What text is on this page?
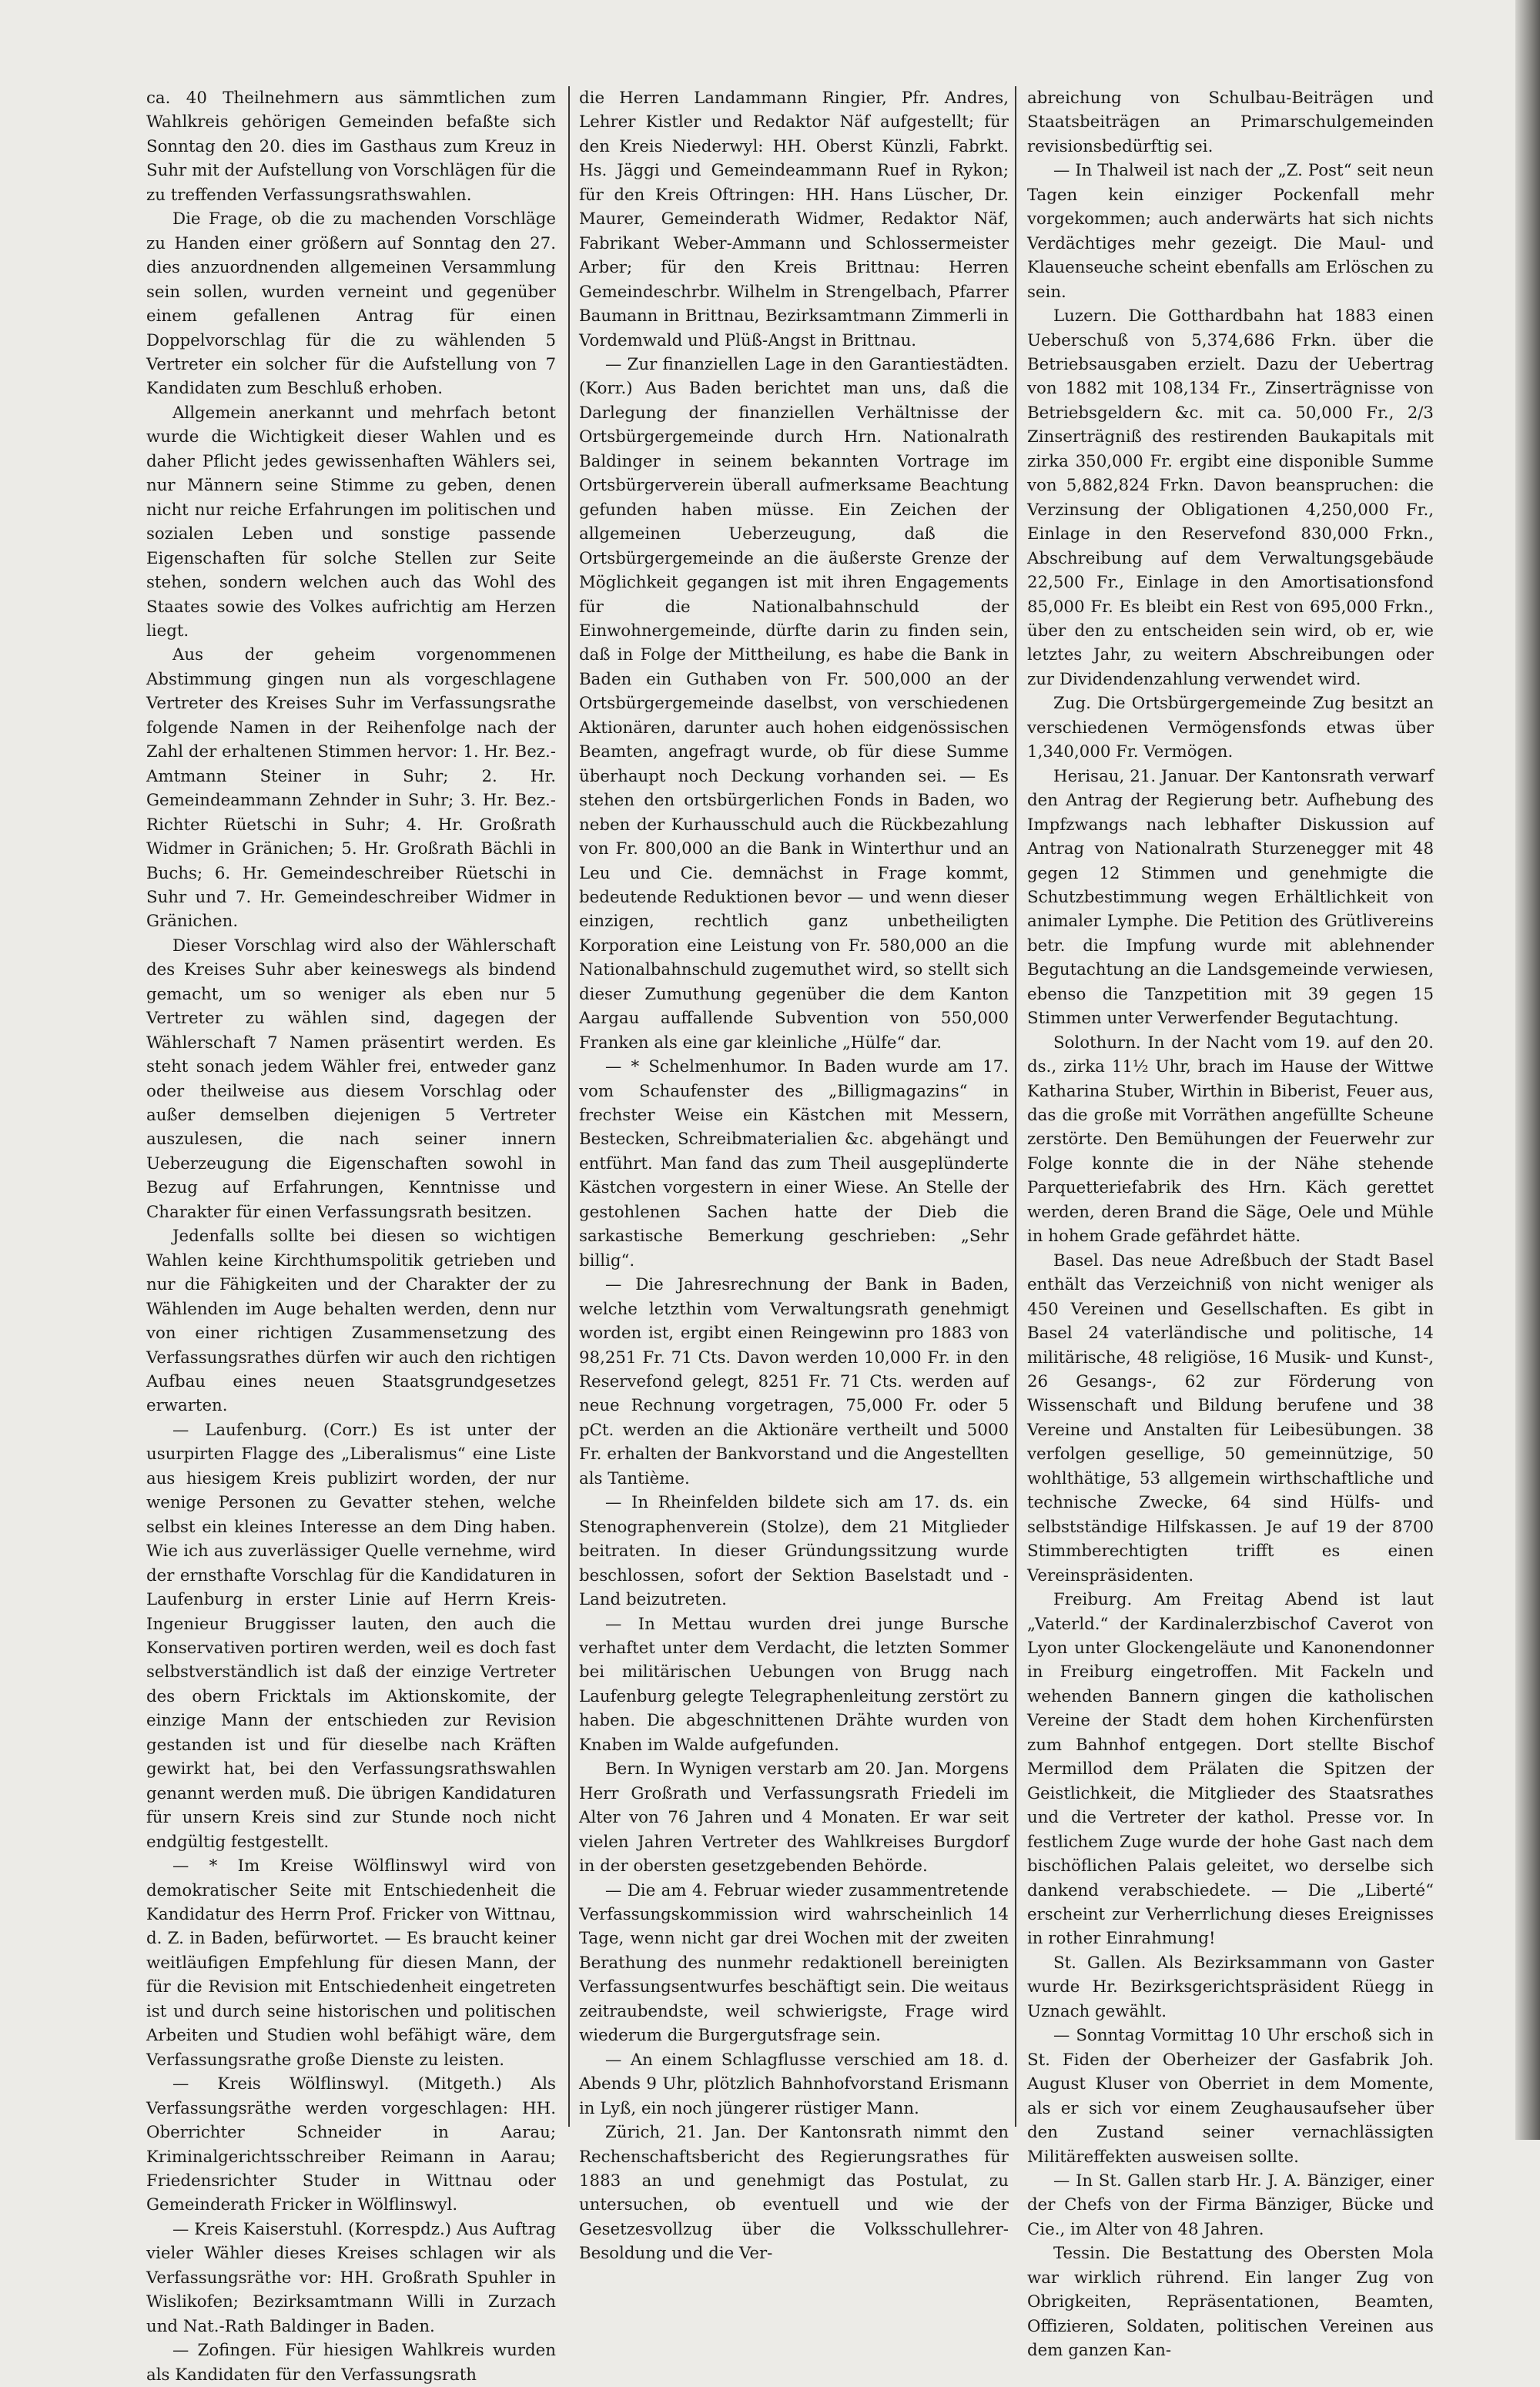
ca. 40 Theilnehmern aus sämmtlichen zum Wahlkreis gehörigen Gemeinden befaßte sich Sonntag den 20. dies im Gasthaus zum Kreuz in Suhr mit der Aufstellung von Vorschlägen für die zu treffenden Verfassungsrathswahlen.

Die Frage, ob die zu machenden Vorschläge zu Handen einer größern auf Sonntag den 27. dies anzuordnenden allgemeinen Versammlung sein sollen, wurden verneint und gegenüber einem gefallenen Antrag für einen Doppelvorschlag für die zu wählenden 5 Vertreter ein solcher für die Aufstellung von 7 Kandidaten zum Beschluß erhoben.

Allgemein anerkannt und mehrfach betont wurde die Wichtigkeit dieser Wahlen und es daher Pflicht jedes gewissenhaften Wählers sei, nur Männern seine Stimme zu geben, denen nicht nur reiche Erfahrungen im politischen und sozialen Leben und sonstige passende Eigenschaften für solche Stellen zur Seite stehen, sondern welchen auch das Wohl des Staates sowie des Volkes aufrichtig am Herzen liegt.

Aus der geheim vorgenommenen Abstimmung gingen nun als vorgeschlagene Vertreter des Kreises Suhr im Verfassungsrathe folgende Namen in der Reihenfolge nach der Zahl der erhaltenen Stimmen hervor: 1. Hr. Bez.-Amtmann Steiner in Suhr; 2. Hr. Gemeindeammann Zehnder in Suhr; 3. Hr. Bez.-Richter Rüetschi in Suhr; 4. Hr. Großrath Widmer in Gränichen; 5. Hr. Großrath Bächli in Buchs; 6. Hr. Gemeindeschreiber Rüetschi in Suhr und 7. Hr. Gemeindeschreiber Widmer in Gränichen.

Dieser Vorschlag wird also der Wählerschaft des Kreises Suhr aber keineswegs als bindend gemacht, um so weniger als eben nur 5 Vertreter zu wählen sind, dagegen der Wählerschaft 7 Namen präsentirt werden. Es steht sonach jedem Wähler frei, entweder ganz oder theilweise aus diesem Vorschlag oder außer demselben diejenigen 5 Vertreter auszulesen, die nach seiner innern Ueberzeugung die Eigenschaften sowohl in Bezug auf Erfahrungen, Kenntnisse und Charakter für einen Verfassungsrath besitzen.

Jedenfalls sollte bei diesen so wichtigen Wahlen keine Kirchthumspolitik getrieben und nur die Fähigkeiten und der Charakter der zu Wählenden im Auge behalten werden, denn nur von einer richtigen Zusammensetzung des Verfassungsrathes dürfen wir auch den richtigen Aufbau eines neuen Staatsgrundgesetzes erwarten.

— Laufenburg. (Corr.) Es ist unter der usurpirten Flagge des „Liberalismus“ eine Liste aus hiesigem Kreis publizirt worden, der nur wenige Personen zu Gevatter stehen, welche selbst ein kleines Interesse an dem Ding haben. Wie ich aus zuverlässiger Quelle vernehme, wird der ernsthafte Vorschlag für die Kandidaturen in Laufenburg in erster Linie auf Herrn Kreis-Ingenieur Bruggisser lauten, den auch die Konservativen portiren werden, weil es doch fast selbstverständlich ist daß der einzige Vertreter des obern Fricktals im Aktionskomite, der einzige Mann der entschieden zur Revision gestanden ist und für dieselbe nach Kräften gewirkt hat, bei den Verfassungsrathswahlen genannt werden muß. Die übrigen Kandidaturen für unsern Kreis sind zur Stunde noch nicht endgültig festgestellt.

— * Im Kreise Wölflinswyl wird von demokratischer Seite mit Entschiedenheit die Kandidatur des Herrn Prof. Fricker von Wittnau, d. Z. in Baden, befürwortet. — Es braucht keiner weitläufigen Empfehlung für diesen Mann, der für die Revision mit Entschiedenheit eingetreten ist und durch seine historischen und politischen Arbeiten und Studien wohl befähigt wäre, dem Verfassungsrathe große Dienste zu leisten.

— Kreis Wölflinswyl. (Mitgeth.) Als Verfassungsräthe werden vorgeschlagen: HH. Oberrichter Schneider in Aarau; Kriminalgerichtsschreiber Reimann in Aarau; Friedensrichter Studer in Wittnau oder Gemeinderath Fricker in Wölflinswyl.

— Kreis Kaiserstuhl. (Korrespdz.) Aus Auftrag vieler Wähler dieses Kreises schlagen wir als Verfassungsräthe vor: HH. Großrath Spuhler in Wislikofen; Bezirksamtmann Willi in Zurzach und Nat.-Rath Baldinger in Baden.

— Zofingen. Für hiesigen Wahlkreis wurden als Kandidaten für den Verfassungsrath

die Herren Landammann Ringier, Pfr. Andres, Lehrer Kistler und Redaktor Näf aufgestellt; für den Kreis Niederwyl: HH. Oberst Künzli, Fabrkt. Hs. Jäggi und Gemeindeammann Ruef in Rykon; für den Kreis Oftringen: HH. Hans Lüscher, Dr. Maurer, Gemeinderath Widmer, Redaktor Näf, Fabrikant Weber-Ammann und Schlossermeister Arber; für den Kreis Brittnau: Herren Gemeindeschrbr. Wilhelm in Strengelbach, Pfarrer Baumann in Brittnau, Bezirksamtmann Zimmerli in Vordemwald und Plüß-Angst in Brittnau.

— Zur finanziellen Lage in den Garantiestädten. (Korr.) Aus Baden berichtet man uns, daß die Darlegung der finanziellen Verhältnisse der Ortsbürgergemeinde durch Hrn. Nationalrath Baldinger in seinem bekannten Vortrage im Ortsbürgerverein überall aufmerksame Beachtung gefunden haben müsse. Ein Zeichen der allgemeinen Ueberzeugung, daß die Ortsbürgergemeinde an die äußerste Grenze der Möglichkeit gegangen ist mit ihren Engagements für die Nationalbahnschuld der Einwohnergemeinde, dürfte darin zu finden sein, daß in Folge der Mittheilung, es habe die Bank in Baden ein Guthaben von Fr. 500,000 an der Ortsbürgergemeinde daselbst, von verschiedenen Aktionären, darunter auch hohen eidgenössischen Beamten, angefragt wurde, ob für diese Summe überhaupt noch Deckung vorhanden sei. — Es stehen den ortsbürgerlichen Fonds in Baden, wo neben der Kurhausschuld auch die Rückbezahlung von Fr. 800,000 an die Bank in Winterthur und an Leu und Cie. demnächst in Frage kommt, bedeutende Reduktionen bevor — und wenn dieser einzigen, rechtlich ganz unbetheiligten Korporation eine Leistung von Fr. 580,000 an die Nationalbahnschuld zugemuthet wird, so stellt sich dieser Zumuthung gegenüber die dem Kanton Aargau auffallende Subvention von 550,000 Franken als eine gar kleinliche „Hülfe“ dar.

— * Schelmenhumor. In Baden wurde am 17. vom Schaufenster des „Billigmagazins“ in frechster Weise ein Kästchen mit Messern, Bestecken, Schreibmaterialien &c. abgehängt und entführt. Man fand das zum Theil ausgeplünderte Kästchen vorgestern in einer Wiese. An Stelle der gestohlenen Sachen hatte der Dieb die sarkastische Bemerkung geschrieben: „Sehr billig“.

— Die Jahresrechnung der Bank in Baden, welche letzthin vom Verwaltungsrath genehmigt worden ist, ergibt einen Reingewinn pro 1883 von 98,251 Fr. 71 Cts. Davon werden 10,000 Fr. in den Reservefond gelegt, 8251 Fr. 71 Cts. werden auf neue Rechnung vorgetragen, 75,000 Fr. oder 5 pCt. werden an die Aktionäre vertheilt und 5000 Fr. erhalten der Bankvorstand und die Angestellten als Tantième.

— In Rheinfelden bildete sich am 17. ds. ein Stenographenverein (Stolze), dem 21 Mitglieder beitraten. In dieser Gründungssitzung wurde beschlossen, sofort der Sektion Baselstadt und -Land beizutreten.

— In Mettau wurden drei junge Bursche verhaftet unter dem Verdacht, die letzten Sommer bei militärischen Uebungen von Brugg nach Laufenburg gelegte Telegraphenleitung zerstört zu haben. Die abgeschnittenen Drähte wurden von Knaben im Walde aufgefunden.

Bern. In Wynigen verstarb am 20. Jan. Morgens Herr Großrath und Verfassungsrath Friedeli im Alter von 76 Jahren und 4 Monaten. Er war seit vielen Jahren Vertreter des Wahlkreises Burgdorf in der obersten gesetzgebenden Behörde.

— Die am 4. Februar wieder zusammentretende Verfassungskommission wird wahrscheinlich 14 Tage, wenn nicht gar drei Wochen mit der zweiten Berathung des nunmehr redaktionell bereinigten Verfassungsentwurfes beschäftigt sein. Die weitaus zeitraubendste, weil schwierigste, Frage wird wiederum die Burgergutsfrage sein.

— An einem Schlagflusse verschied am 18. d. Abends 9 Uhr, plötzlich Bahnhofvorstand Erismann in Lyß, ein noch jüngerer rüstiger Mann.

Zürich, 21. Jan. Der Kantonsrath nimmt den Rechenschaftsbericht des Regierungsrathes für 1883 an und genehmigt das Postulat, zu untersuchen, ob eventuell und wie der Gesetzesvollzug über die Volksschullehrer-Besoldung und die Ver-

abreichung von Schulbau-Beiträgen und Staatsbeiträgen an Primarschulgemeinden revisionsbedürftig sei.

— In Thalweil ist nach der „Z. Post“ seit neun Tagen kein einziger Pockenfall mehr vorgekommen; auch anderwärts hat sich nichts Verdächtiges mehr gezeigt. Die Maul- und Klauenseuche scheint ebenfalls am Erlöschen zu sein.

Luzern. Die Gotthardbahn hat 1883 einen Ueberschuß von 5,374,686 Frkn. über die Betriebsausgaben erzielt. Dazu der Uebertrag von 1882 mit 108,134 Fr., Zinserträgnisse von Betriebsgeldern &c. mit ca. 50,000 Fr., 2/3 Zinserträgniß des restirenden Baukapitals mit zirka 350,000 Fr. ergibt eine disponible Summe von 5,882,824 Frkn. Davon beanspruchen: die Verzinsung der Obligationen 4,250,000 Fr., Einlage in den Reservefond 830,000 Frkn., Abschreibung auf dem Verwaltungsgebäude 22,500 Fr., Einlage in den Amortisationsfond 85,000 Fr. Es bleibt ein Rest von 695,000 Frkn., über den zu entscheiden sein wird, ob er, wie letztes Jahr, zu weitern Abschreibungen oder zur Dividendenzahlung verwendet wird.

Zug. Die Ortsbürgergemeinde Zug besitzt an verschiedenen Vermögensfonds etwas über 1,340,000 Fr. Vermögen.

Herisau, 21. Januar. Der Kantonsrath verwarf den Antrag der Regierung betr. Aufhebung des Impfzwangs nach lebhafter Diskussion auf Antrag von Nationalrath Sturzenegger mit 48 gegen 12 Stimmen und genehmigte die Schutzbestimmung wegen Erhältlichkeit von animaler Lymphe. Die Petition des Grütlivereins betr. die Impfung wurde mit ablehnender Begutachtung an die Landsgemeinde verwiesen, ebenso die Tanzpetition mit 39 gegen 15 Stimmen unter Verwerfender Begutachtung.

Solothurn. In der Nacht vom 19. auf den 20. ds., zirka 11½ Uhr, brach im Hause der Wittwe Katharina Stuber, Wirthin in Biberist, Feuer aus, das die große mit Vorräthen angefüllte Scheune zerstörte. Den Bemühungen der Feuerwehr zur Folge konnte die in der Nähe stehende Parquetteriefabrik des Hrn. Käch gerettet werden, deren Brand die Säge, Oele und Mühle in hohem Grade gefährdet hätte.

Basel. Das neue Adreßbuch der Stadt Basel enthält das Verzeichniß von nicht weniger als 450 Vereinen und Gesellschaften. Es gibt in Basel 24 vaterländische und politische, 14 militärische, 48 religiöse, 16 Musik- und Kunst-, 26 Gesangs-, 62 zur Förderung von Wissenschaft und Bildung berufene und 38 Vereine und Anstalten für Leibesübungen. 38 verfolgen gesellige, 50 gemeinnützige, 50 wohlthätige, 53 allgemein wirthschaftliche und technische Zwecke, 64 sind Hülfs- und selbstständige Hilfskassen. Je auf 19 der 8700 Stimmberechtigten trifft es einen Vereinspräsidenten.

Freiburg. Am Freitag Abend ist laut „Vaterld.“ der Kardinalerzbischof Caverot von Lyon unter Glockengeläute und Kanonendonner in Freiburg eingetroffen. Mit Fackeln und wehenden Bannern gingen die katholischen Vereine der Stadt dem hohen Kirchenfürsten zum Bahnhof entgegen. Dort stellte Bischof Mermillod dem Prälaten die Spitzen der Geistlichkeit, die Mitglieder des Staatsrathes und die Vertreter der kathol. Presse vor. In festlichem Zuge wurde der hohe Gast nach dem bischöflichen Palais geleitet, wo derselbe sich dankend verabschiedete. — Die „Liberté“ erscheint zur Verherrlichung dieses Ereignisses in rother Einrahmung!

St. Gallen. Als Bezirksammann von Gaster wurde Hr. Bezirksgerichtspräsident Rüegg in Uznach gewählt.

— Sonntag Vormittag 10 Uhr erschoß sich in St. Fiden der Oberheizer der Gasfabrik Joh. August Kluser von Oberriet in dem Momente, als er sich vor einem Zeughausaufseher über den Zustand seiner vernachlässigten Militäreffekten ausweisen sollte.

— In St. Gallen starb Hr. J. A. Bänziger, einer der Chefs von der Firma Bänziger, Bücke und Cie., im Alter von 48 Jahren.

Tessin. Die Bestattung des Obersten Mola war wirklich rührend. Ein langer Zug von Obrigkeiten, Repräsentationen, Beamten, Offizieren, Soldaten, politischen Vereinen aus dem ganzen Kan-
